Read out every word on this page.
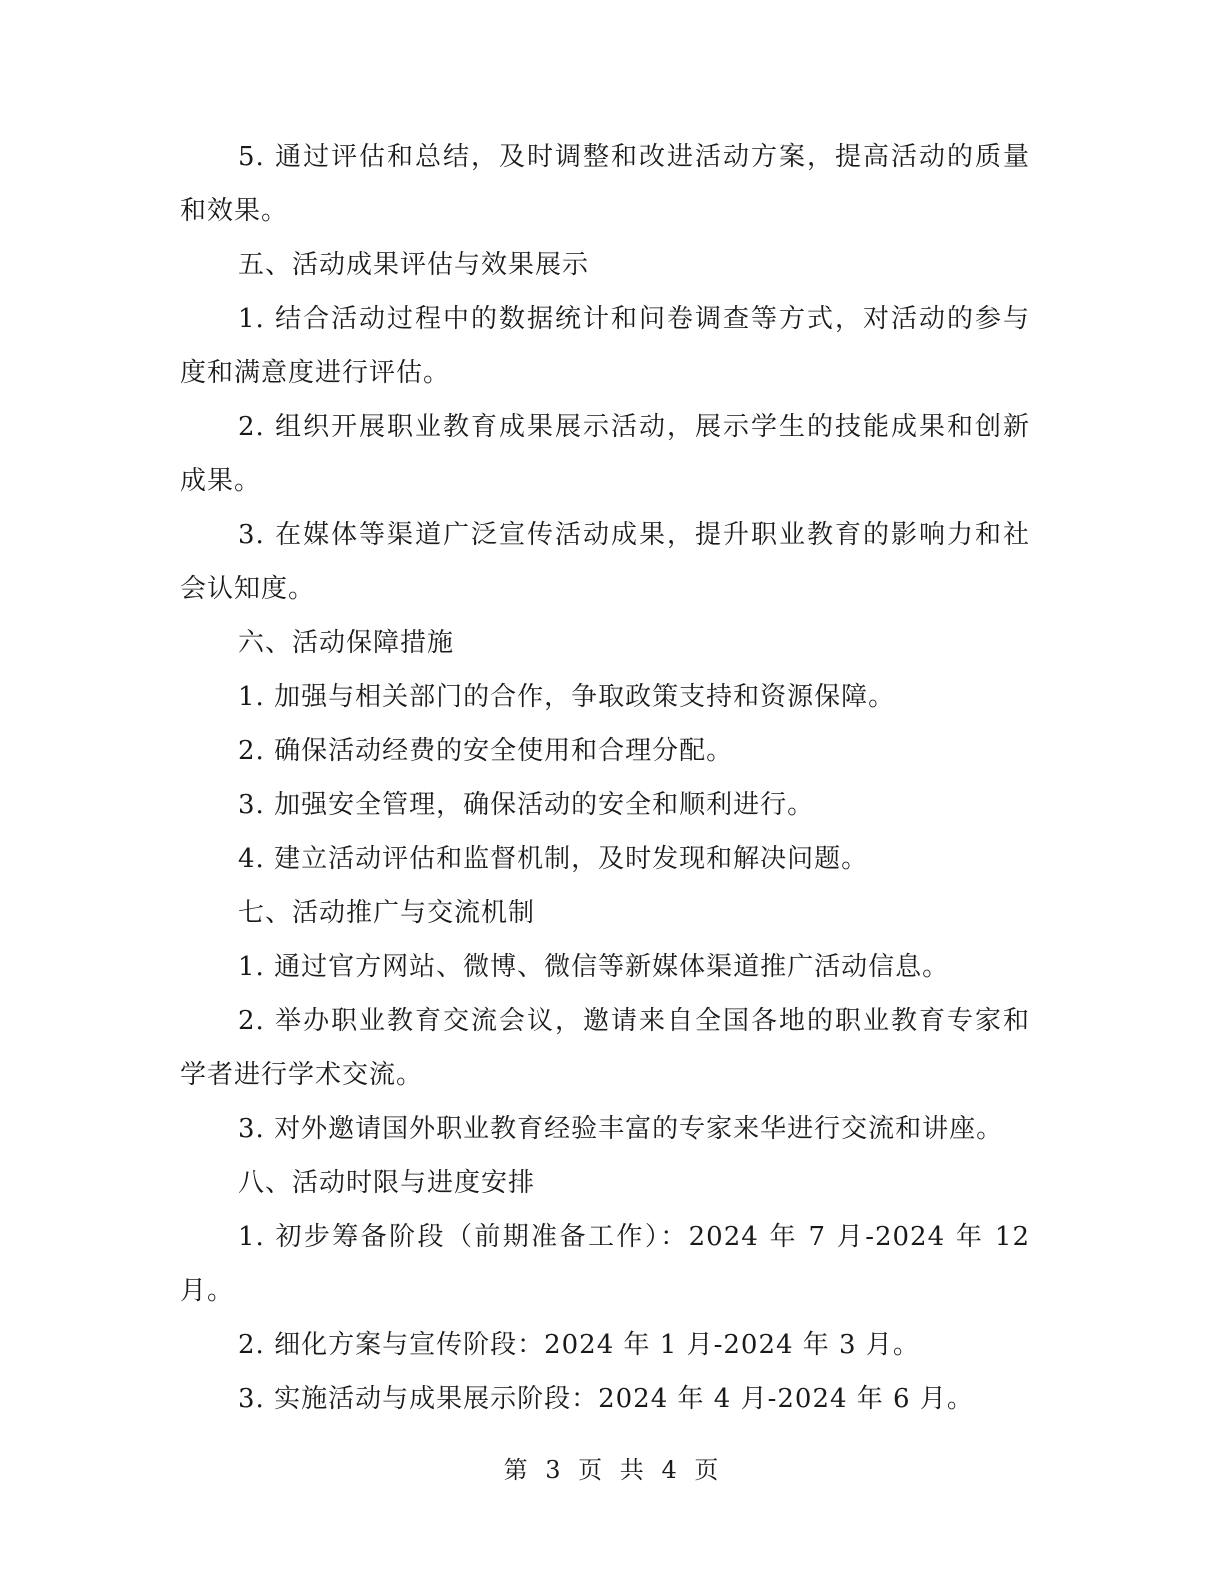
5. 通过评估和总结，及时调整和改进活动方案，提高活动的质量和效果。

五、活动成果评估与效果展示

1. 结合活动过程中的数据统计和问卷调查等方式，对活动的参与度和满意度进行评估。

2. 组织开展职业教育成果展示活动，展示学生的技能成果和创新成果。

3. 在媒体等渠道广泛宣传活动成果，提升职业教育的影响力和社会认知度。

六、活动保障措施

1. 加强与相关部门的合作，争取政策支持和资源保障。

2. 确保活动经费的安全使用和合理分配。

3. 加强安全管理，确保活动的安全和顺利进行。

4. 建立活动评估和监督机制，及时发现和解决问题。

七、活动推广与交流机制

1. 通过官方网站、微博、微信等新媒体渠道推广活动信息。

2. 举办职业教育交流会议，邀请来自全国各地的职业教育专家和学者进行学术交流。

3. 对外邀请国外职业教育经验丰富的专家来华进行交流和讲座。

八、活动时限与进度安排

1. 初步筹备阶段（前期准备工作）：2024 年 7 月-2024 年 12 月。

2. 细化方案与宣传阶段：2024 年 1 月-2024 年 3 月。

3. 实施活动与成果展示阶段：2024 年 4 月-2024 年 6 月。

第 3 页 共 4 页
